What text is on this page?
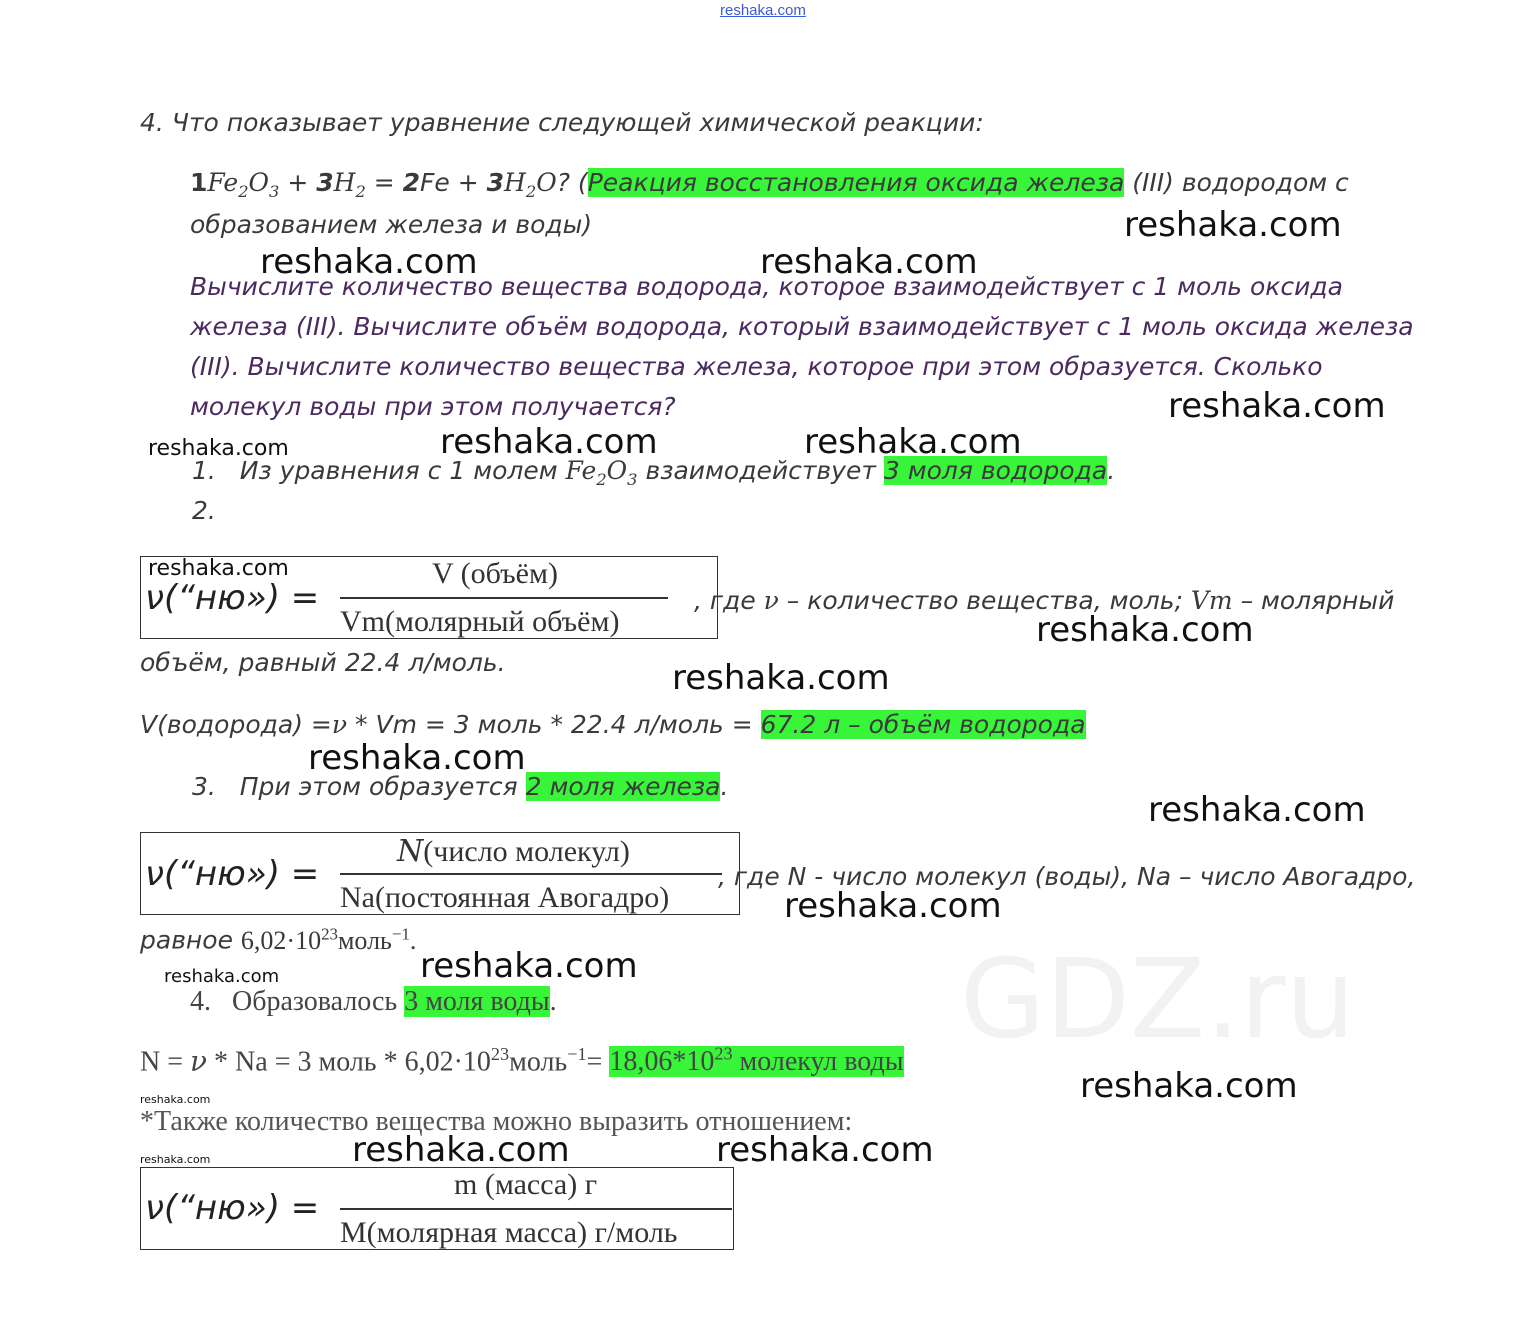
reshaka.com
GDZ.ru
4. Что показывает уравнение следующей химической реакции:
$1Fe_2O_3 + 3H_2 = 2Fe + 3H_2O$? (Реакция восстановления оксида железа (III) водородом с
образованием железа и воды)
Вычислите количество вещества водорода, которое взаимодействует с 1 моль оксида
железа (III). Вычислите объём водорода, который взаимодействует с 1 моль оксида железа
(III). Вычислите количество вещества железа, которое при этом образуется. Сколько
молекул воды при этом получается?
1. Из уравнения с 1 молем $Fe_2O_3$ взаимодействует 3 моля водорода.
2.
ν(“ню») =
V (объём)
Vm(молярный объём)
, где ν – количество вещества, моль; Vm – молярный
объём, равный 22.4 л/моль.
V(водорода) =ν * Vm = 3 моль * 22.4 л/моль = 67.2 л – объём водорода
3. При этом образуется 2 моля железа.
ν(“ню») =
N(число молекул)
Na(постоянная Авогадро)
, где N - число молекул (воды), Na – число Авогадро,
равное $6,02\cdot 10^{23}моль^{-1}$.
4. Образовалось 3 моля воды.
N = ν * Na = 3 моль * $6,02\cdot 10^{23}моль^{-1}= 18,06*10^{23}$ молекул воды
*Также количество вещества можно выразить отношением:
ν(“ню») =
m (масса) г
M(молярная масса) г/моль
reshaka.com
reshaka.com	reshaka.com
reshaka.com
reshaka.com	reshaka.com
reshaka.com
reshaka.com
reshaka.com
reshaka.com
reshaka.com
reshaka.com
reshaka.com
reshaka.com
reshaka.com
reshaka.com
reshaka.com
reshaka.com	reshaka.com
reshaka.com
